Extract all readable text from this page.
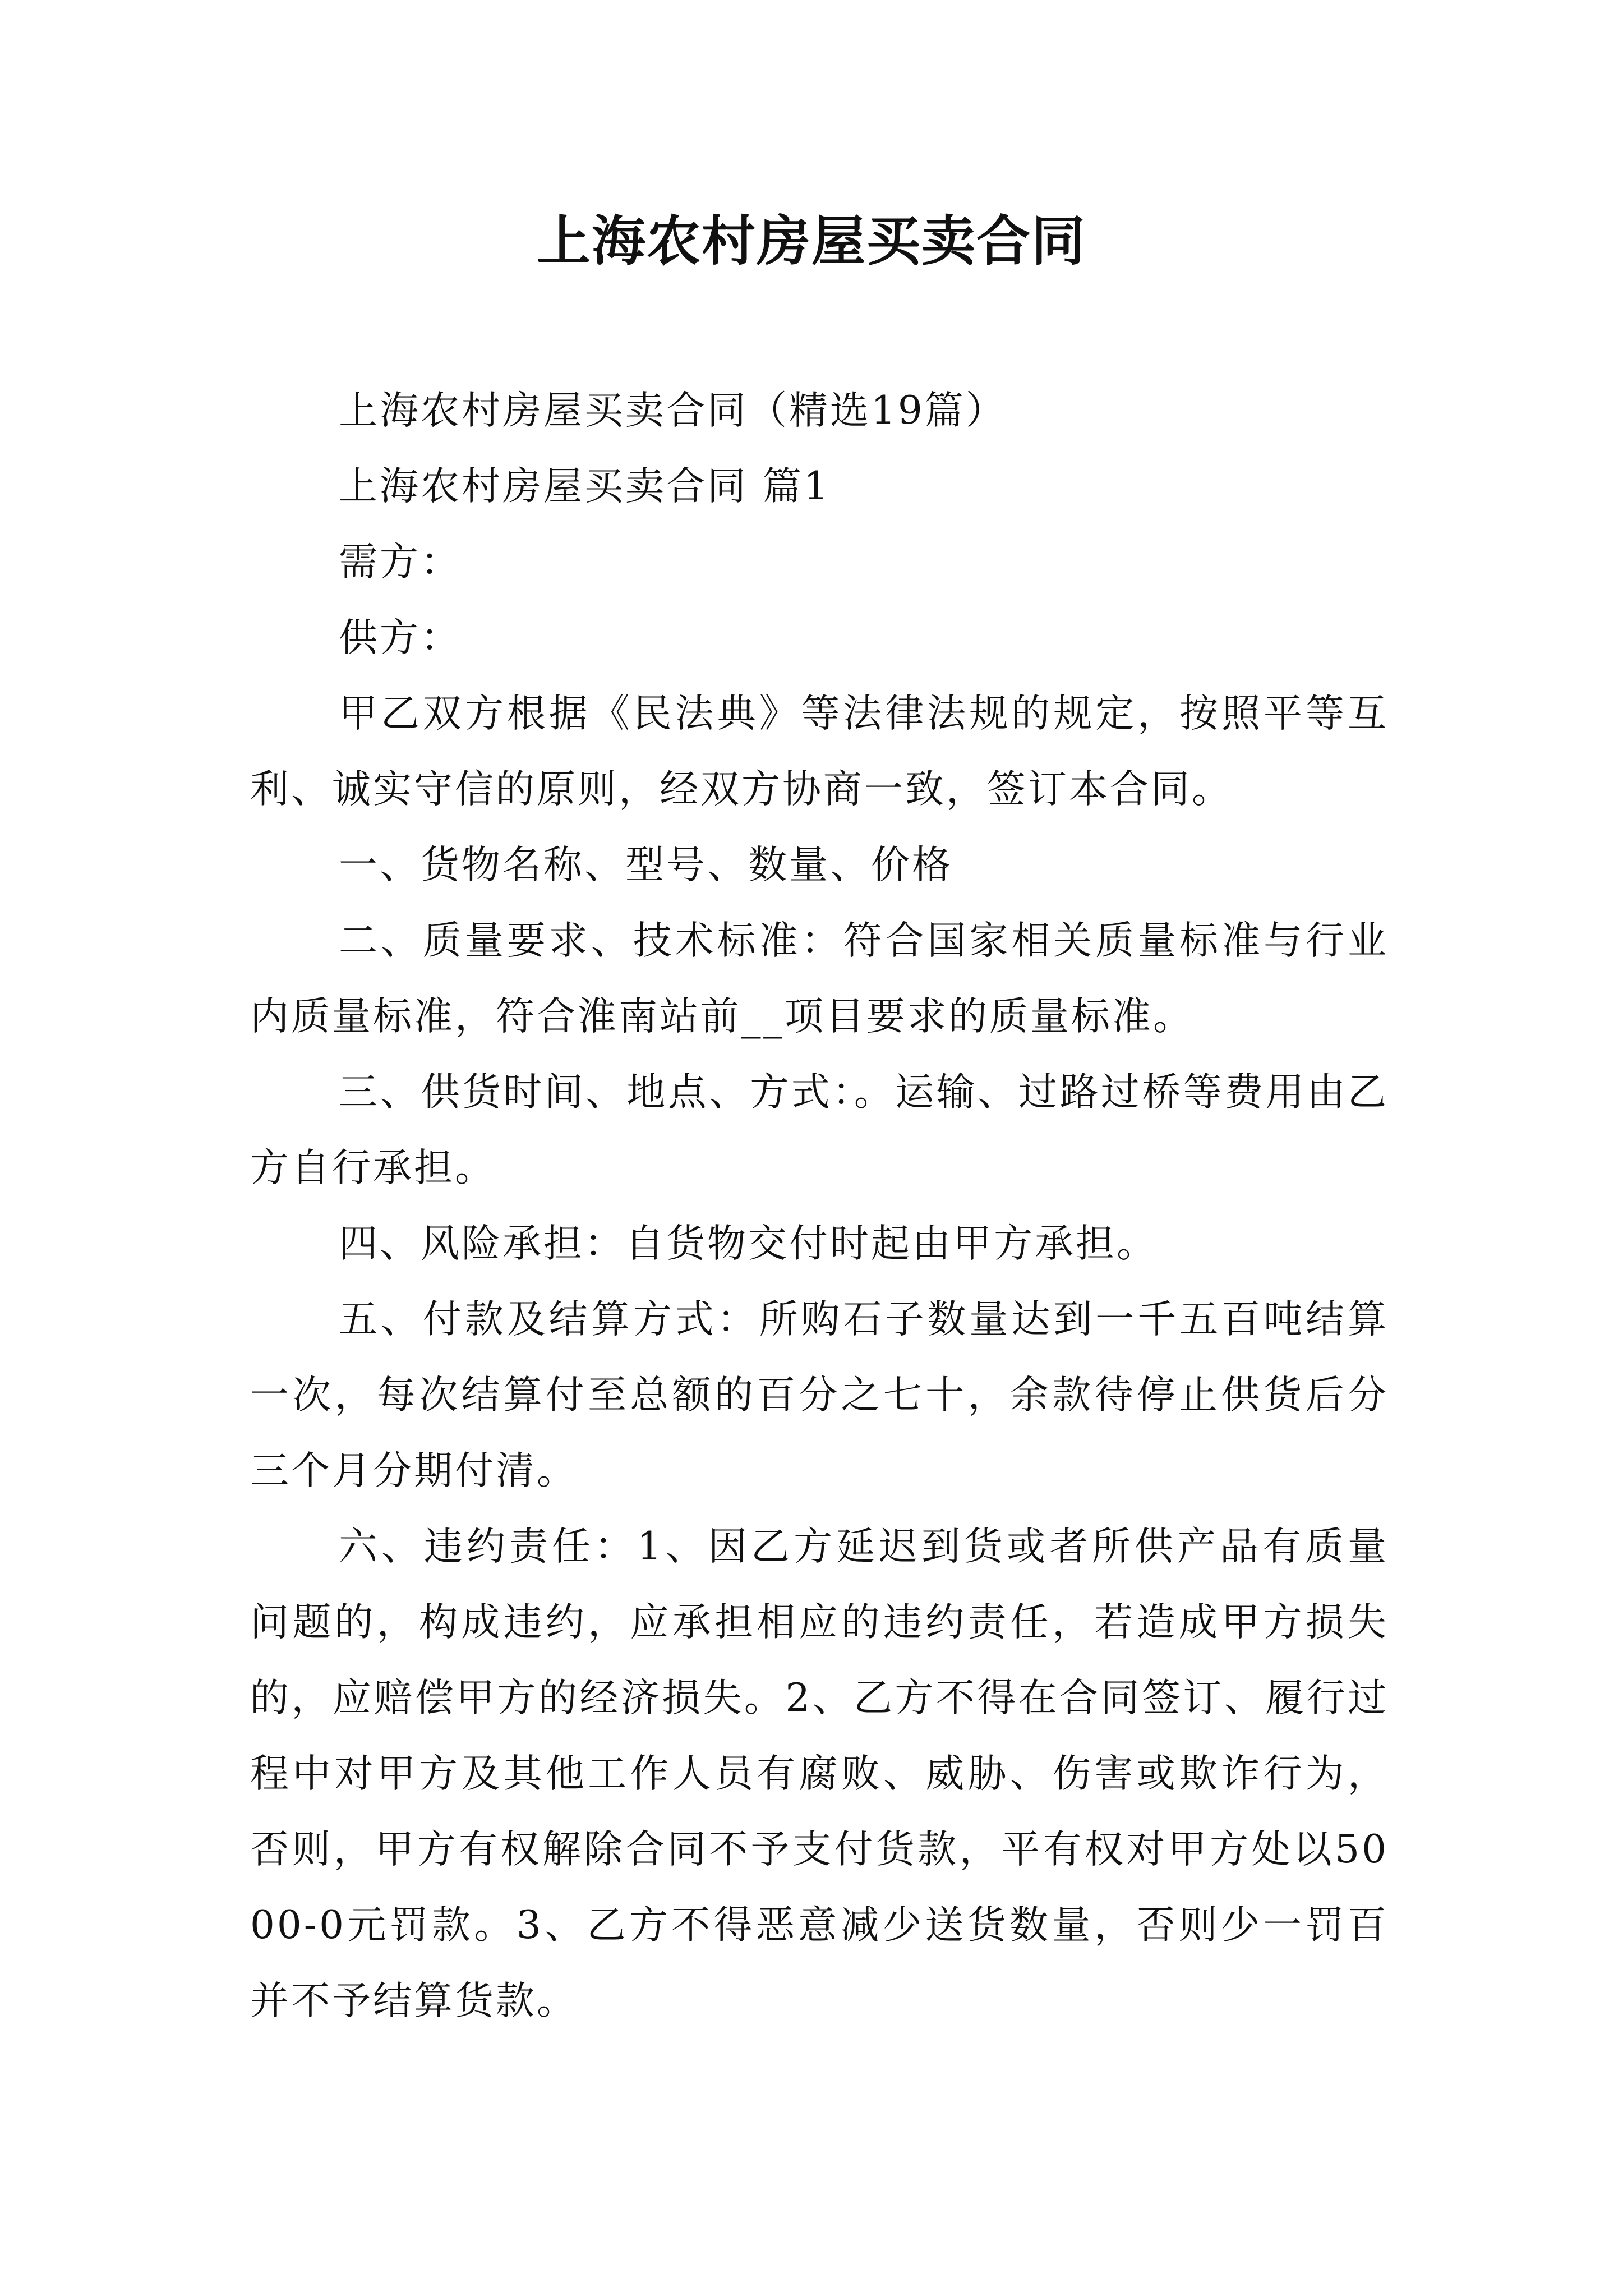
上海农村房屋买卖合同

上海农村房屋买卖合同（精选19篇）

上海农村房屋买卖合同 篇1

需方：

供方：

甲乙双方根据《民法典》等法律法规的规定，按照平等互利、诚实守信的原则，经双方协商一致，签订本合同。

一、货物名称、型号、数量、价格

二、质量要求、技术标准：符合国家相关质量标准与行业内质量标准，符合淮南站前__项目要求的质量标准。

三、供货时间、地点、方式：。运输、过路过桥等费用由乙方自行承担。

四、风险承担：自货物交付时起由甲方承担。

五、付款及结算方式：所购石子数量达到一千五百吨结算一次，每次结算付至总额的百分之七十，余款待停止供货后分三个月分期付清。

六、违约责任：1、因乙方延迟到货或者所供产品有质量问题的，构成违约，应承担相应的违约责任，若造成甲方损失的，应赔偿甲方的经济损失。2、乙方不得在合同签订、履行过程中对甲方及其他工作人员有腐败、威胁、伤害或欺诈行为，否则，甲方有权解除合同不予支付货款，平有权对甲方处以5000-0元罚款。3、乙方不得恶意减少送货数量，否则少一罚百并不予结算货款。
